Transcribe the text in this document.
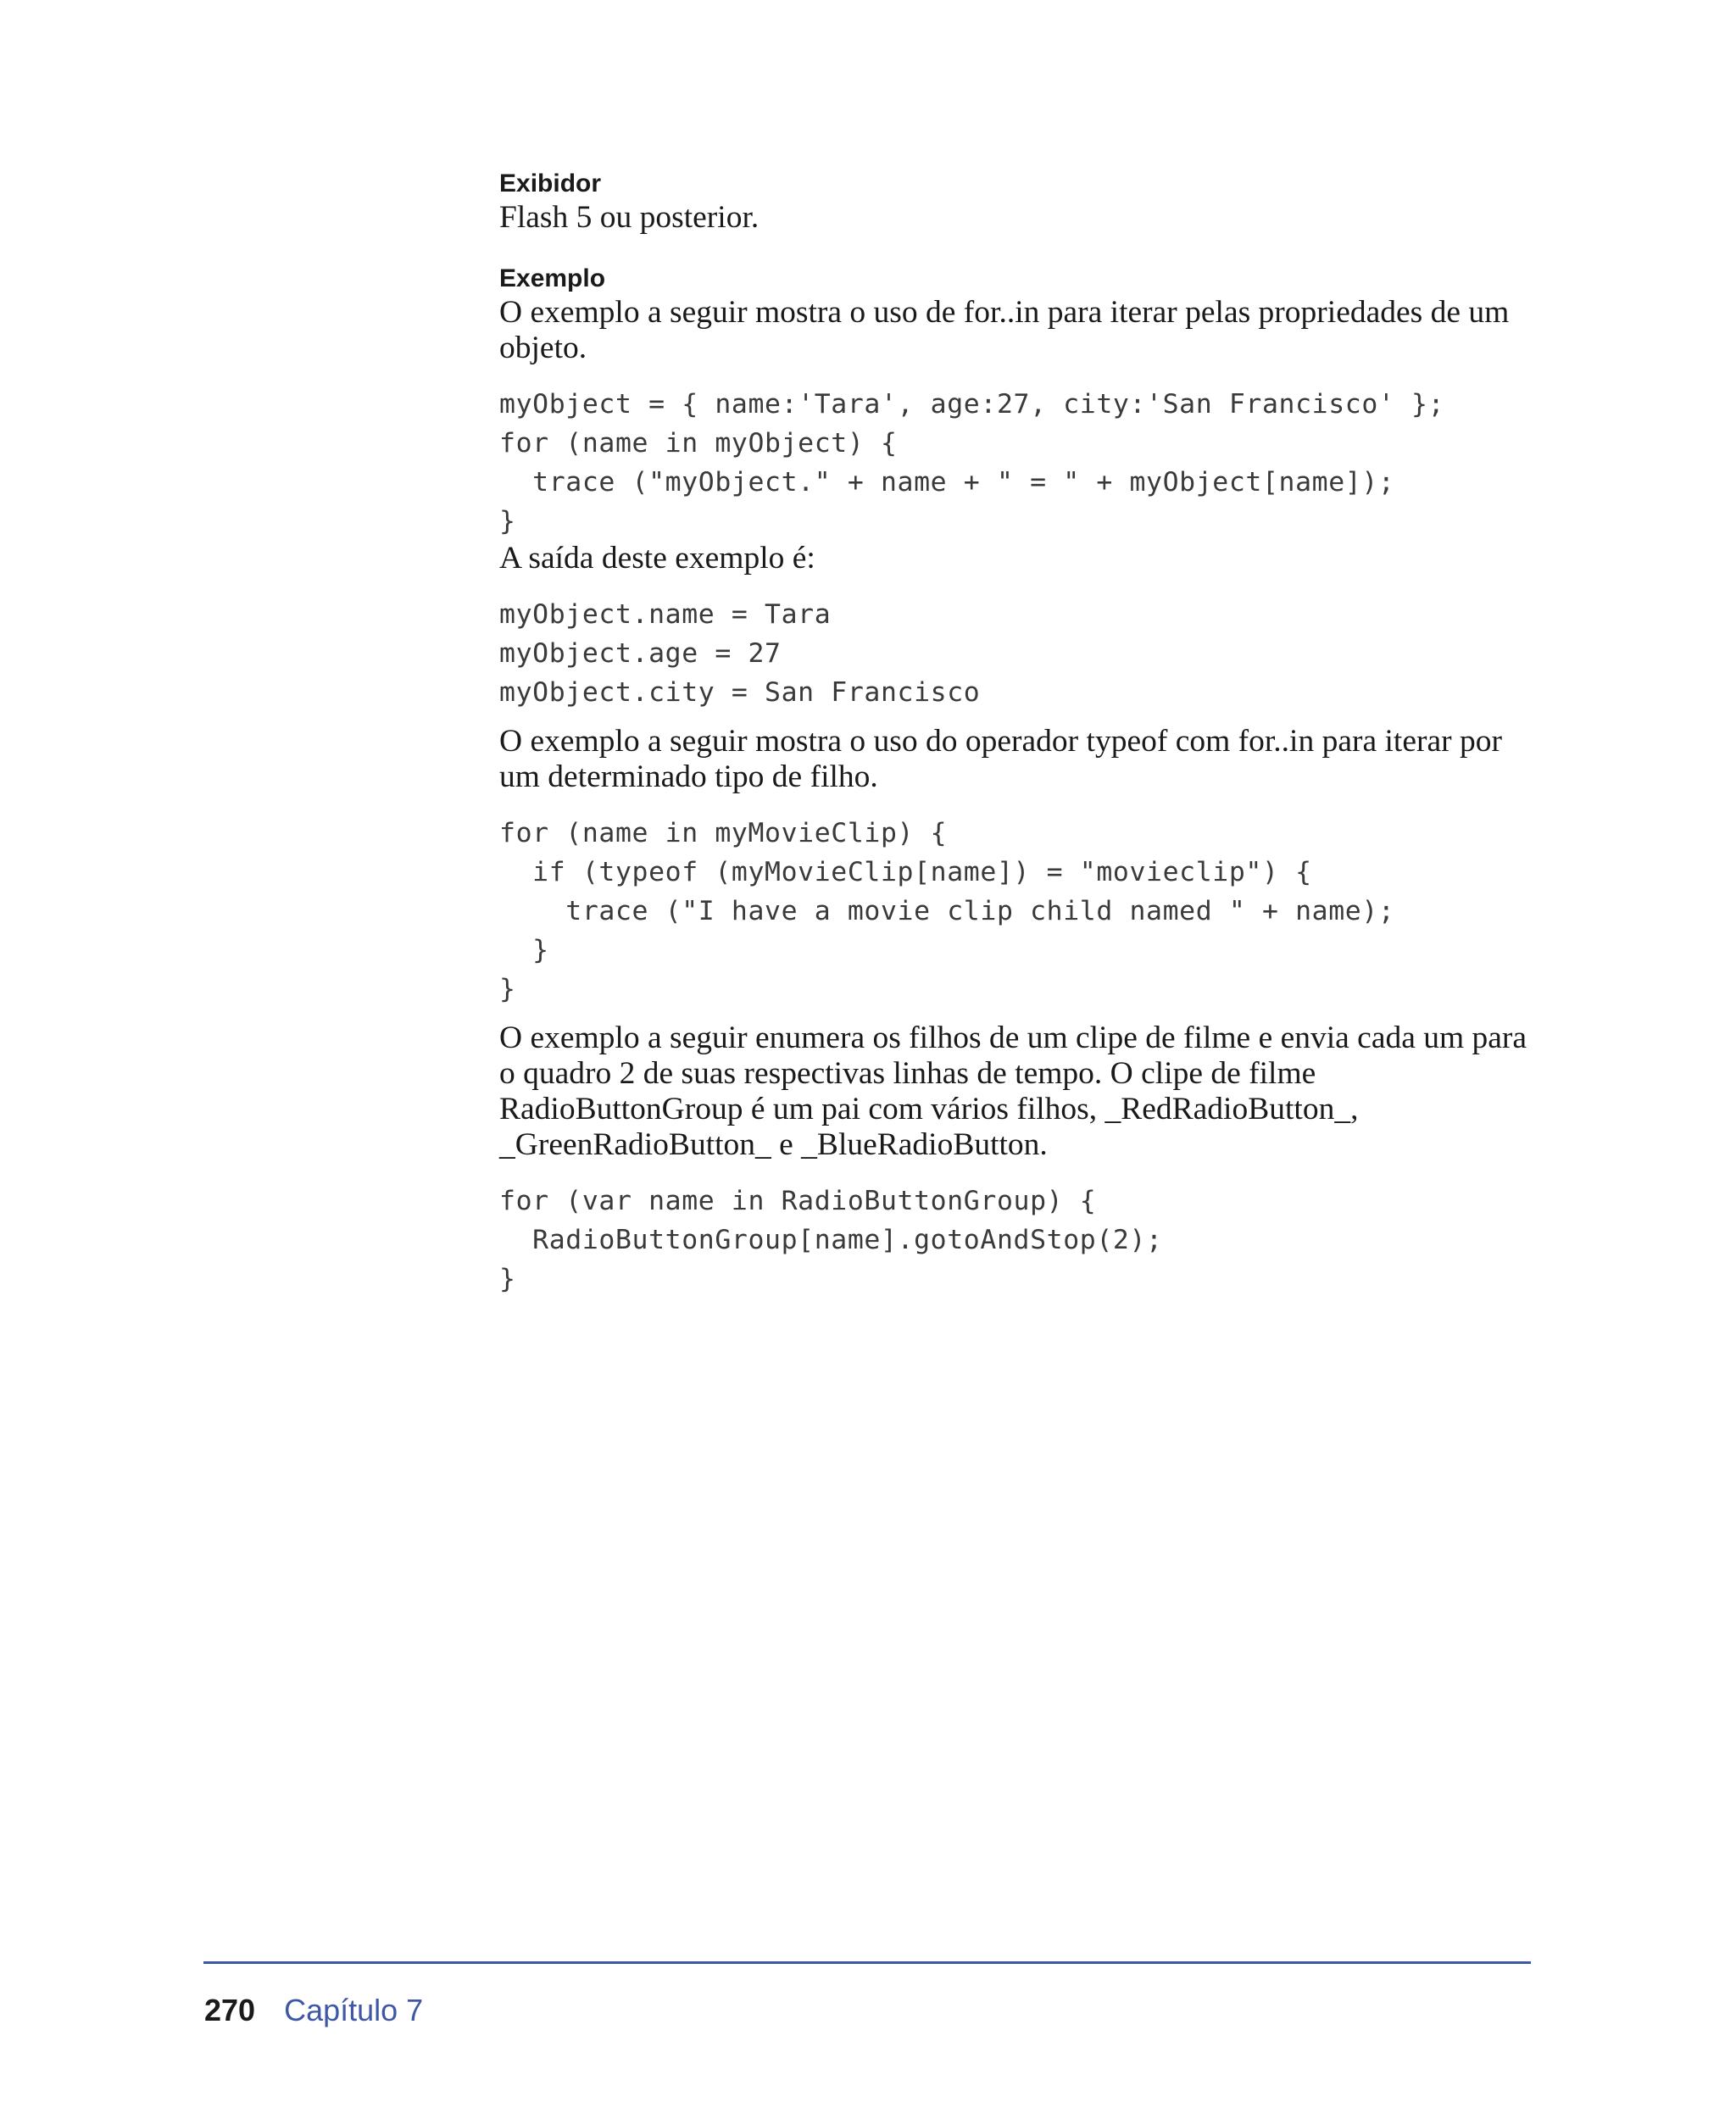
Exibidor

Flash 5 ou posterior.

Exemplo

O exemplo a seguir mostra o uso de for..in para iterar pelas propriedades de um objeto.

myObject = { name:'Tara', age:27, city:'San Francisco' };
for (name in myObject) {
trace ("myObject." + name + " = " + myObject[name]);
}

A saída deste exemplo é:

myObject.name = Tara
myObject.age = 27
myObject.city = San Francisco

O exemplo a seguir mostra o uso do operador typeof com for..in para iterar por um determinado tipo de filho.

for (name in myMovieClip) {
if (typeof (myMovieClip[name]) = "movieclip") {
trace ("I have a movie clip child named " + name);
}
}

O exemplo a seguir enumera os filhos de um clipe de filme e envia cada um para o quadro 2 de suas respectivas linhas de tempo. O clipe de filme RadioButtonGroup é um pai com vários filhos, _RedRadioButton_, _GreenRadioButton_ e _BlueRadioButton.

for (var name in RadioButtonGroup) {
RadioButtonGroup[name].gotoAndStop(2);
}
270 Capítulo 7
